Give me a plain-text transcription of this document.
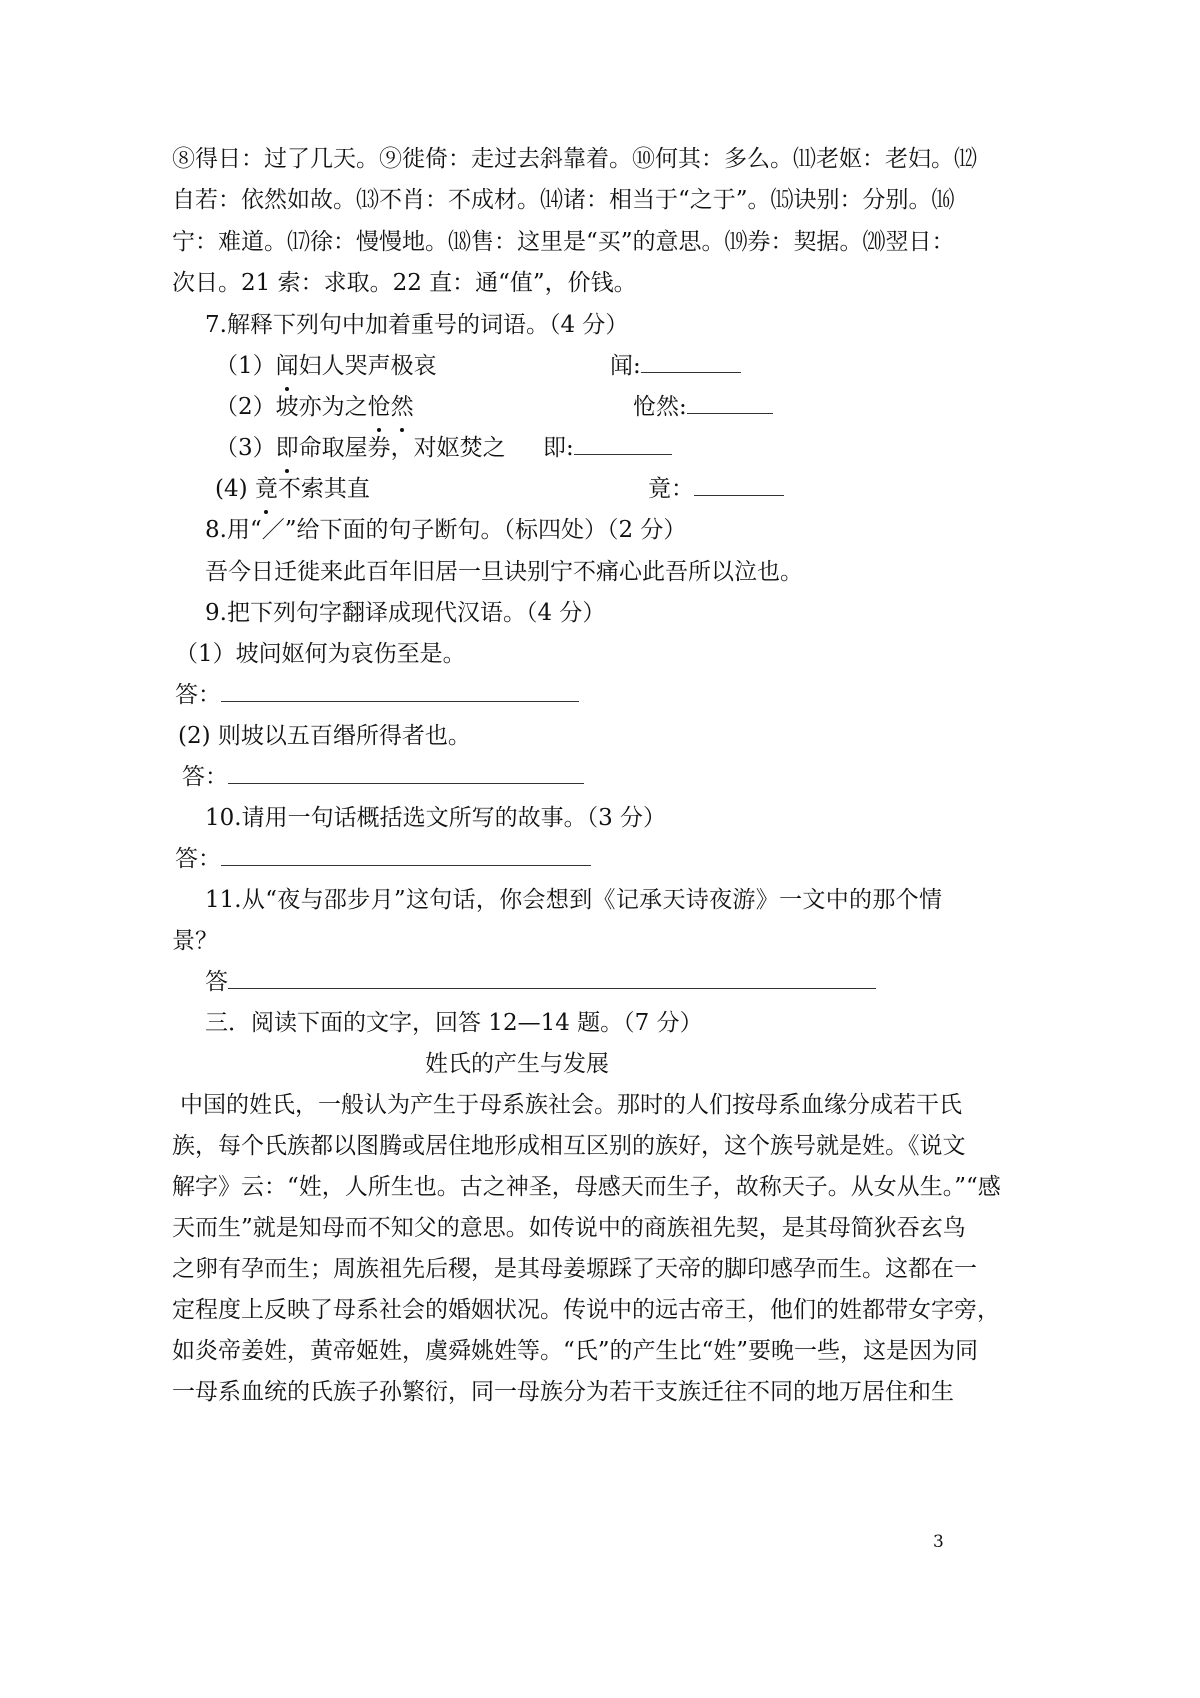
⑧得日：过了几天。⑨徙倚：走过去斜靠着。⑩何其：多么。⑾老妪：老妇。⑿
自若：依然如故。⒀不肖：不成材。⒁诸：相当于“之于”。⒂诀别：分别。⒃
宁：难道。⒄徐：慢慢地。⒅售：这里是“买”的意思。⒆券：契据。⒇翌日：
次日。21 索：求取。22 直：通“值”，价钱。
7.解释下列句中加着重号的词语。（4 分）
（1）闻妇人哭声极哀	闻:
（2）坡亦为之怆然	怆然:
（3）即命取屋券，对妪焚之 即:
(4) 竟不索其直	竟：
8.用“／”给下面的句子断句。（标四处）（2 分）
吾今日迁徙来此百年旧居一旦诀别宁不痛心此吾所以泣也。
9.把下列句字翻译成现代汉语。（4 分）
（1）坡问妪何为哀伤至是。
答：
(2) 则坡以五百缗所得者也。
答：
10.请用一句话概括选文所写的故事。（3 分）
答：
11.从“夜与邵步月”这句话，你会想到《记承天诗夜游》一文中的那个情
景？
答
三．阅读下面的文字，回答 12—14 题。（7 分）
姓氏的产生与发展
中国的姓氏，一般认为产生于母系族社会。那时的人们按母系血缘分成若干氏
族，每个氏族都以图腾或居住地形成相互区别的族好，这个族号就是姓。《说文
解字》云：“姓，人所生也。古之神圣，母感天而生子，故称天子。从女从生。”“感
天而生”就是知母而不知父的意思。如传说中的商族祖先契，是其母简狄吞玄鸟
之卵有孕而生；周族祖先后稷，是其母姜塬踩了天帝的脚印感孕而生。这都在一
定程度上反映了母系社会的婚姻状况。传说中的远古帝王，他们的姓都带女字旁，
如炎帝姜姓，黄帝姬姓，虞舜姚姓等。“氏”的产生比“姓”要晚一些，这是因为同
一母系血统的氏族子孙繁衍，同一母族分为若干支族迁往不同的地万居住和生
3
